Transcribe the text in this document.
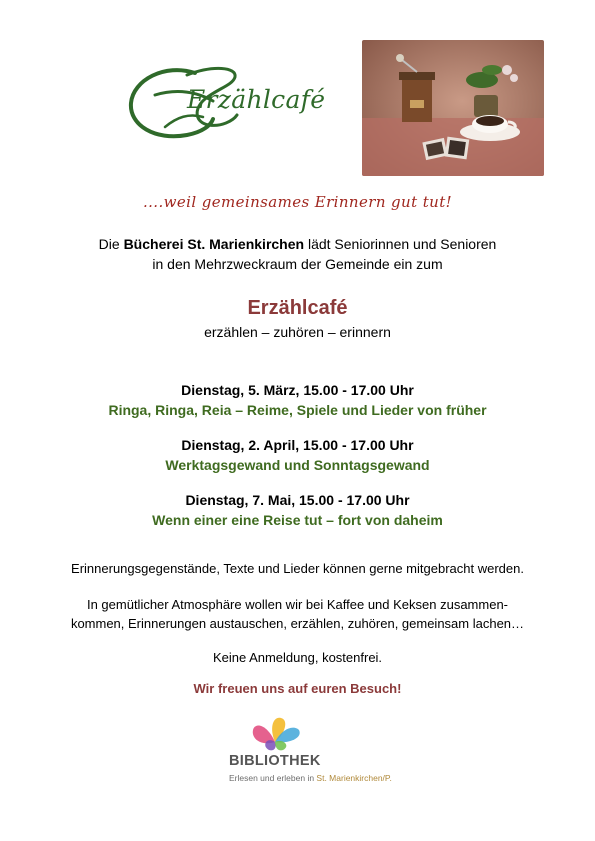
Erzählcafé
....weil gemeinsames Erinnern gut tut!
Die Bücherei St. Marienkirchen lädt Seniorinnen und Senioren
in den Mehrzweckraum der Gemeinde ein zum
Erzählcafé
erzählen – zuhören – erinnern
Dienstag, 5. März, 15.00 - 17.00 Uhr
Ringa, Ringa, Reia – Reime, Spiele und Lieder von früher
Dienstag, 2. April, 15.00 - 17.00 Uhr
Werktagsgewand und Sonntagsgewand
Dienstag, 7. Mai, 15.00 - 17.00 Uhr
Wenn einer eine Reise tut – fort von daheim
Erinnerungsgegenstände, Texte und Lieder können gerne mitgebracht werden.
In gemütlicher Atmosphäre wollen wir bei Kaffee und Keksen zusammen-
kommen, Erinnerungen austauschen, erzählen, zuhören, gemeinsam lachen…
Keine Anmeldung, kostenfrei.
Wir freuen uns auf euren Besuch!
BIBLIOTHEK
Erlesen und erleben in St. Marienkirchen/P.
